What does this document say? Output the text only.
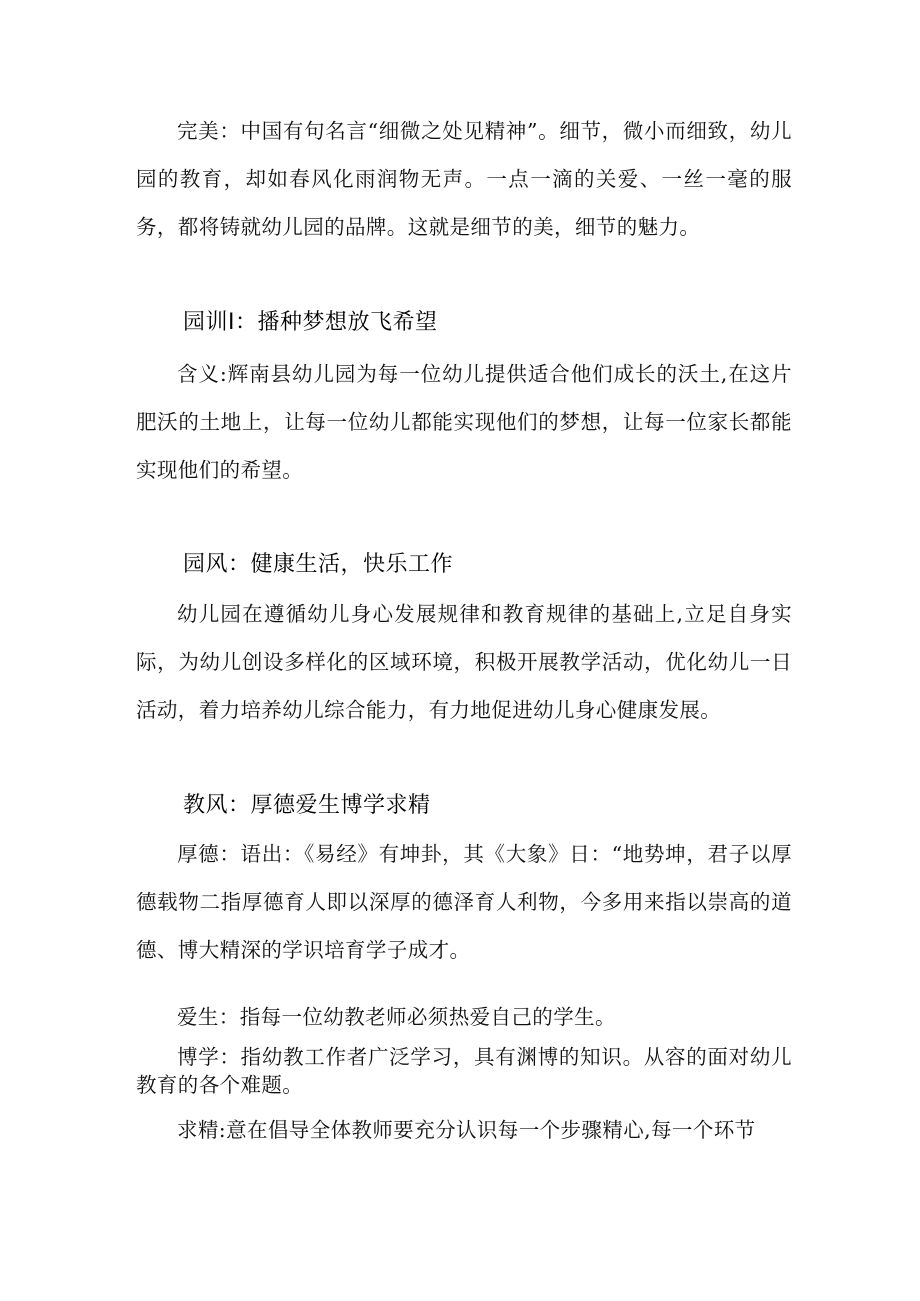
完美：中国有句名言“细微之处见精神”。细节，微小而细致，幼儿园的教育，却如春风化雨润物无声。一点一滴的关爱、一丝一毫的服务，都将铸就幼儿园的品牌。这就是细节的美，细节的魅力。

园训I：播种梦想放飞希望

含义:辉南县幼儿园为每一位幼儿提供适合他们成长的沃土,在这片肥沃的土地上，让每一位幼儿都能实现他们的梦想，让每一位家长都能实现他们的希望。

园风：健康生活，快乐工作

幼儿园在遵循幼儿身心发展规律和教育规律的基础上,立足自身实际，为幼儿创设多样化的区域环境，积极开展教学活动，优化幼儿一日活动，着力培养幼儿综合能力，有力地促进幼儿身心健康发展。

教风：厚德爱生博学求精

厚德：语出：《易经》有坤卦，其《大象》日：“地势坤，君子以厚德载物二指厚德育人即以深厚的德泽育人利物，今多用来指以崇高的道德、博大精深的学识培育学子成才。

爱生：指每一位幼教老师必须热爱自己的学生。

博学：指幼教工作者广泛学习，具有渊博的知识。从容的面对幼儿教育的各个难题。

求精:意在倡导全体教师要充分认识每一个步骤精心,每一个环节
